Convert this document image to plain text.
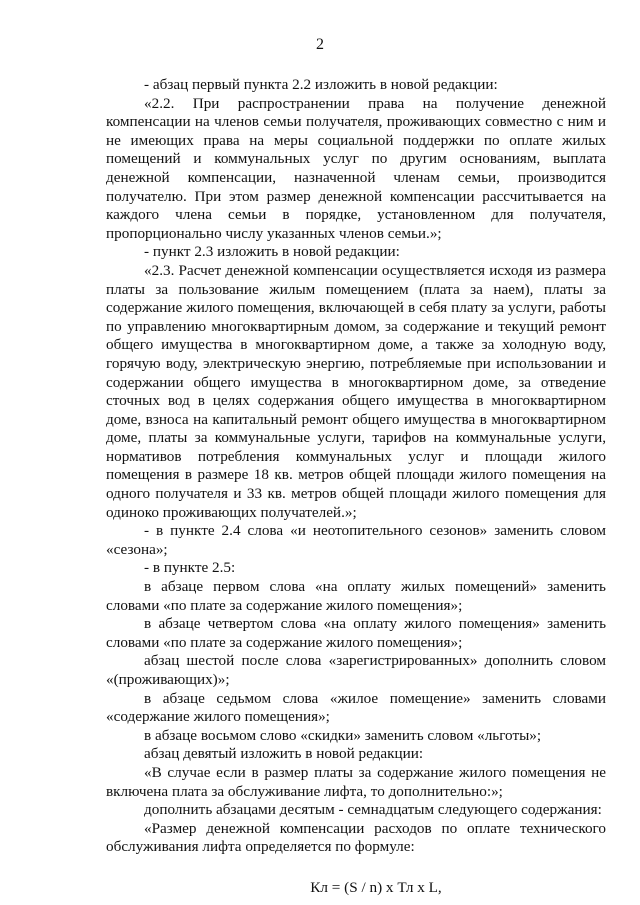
2

- абзац первый пункта 2.2 изложить в новой редакции:

«2.2. При распространении права на получение денежной компенсации на членов семьи получателя, проживающих совместно с ним и не имеющих права на меры социальной поддержки по оплате жилых помещений и коммунальных услуг по другим основаниям, выплата денежной компенсации, назначенной членам семьи, производится получателю. При этом размер денежной компенсации рассчитывается на каждого члена семьи в порядке, установленном для получателя, пропорционально числу указанных членов семьи.»;

- пункт 2.3 изложить в новой редакции:

«2.3. Расчет денежной компенсации осуществляется исходя из размера платы за пользование жилым помещением (плата за наем), платы за содержание жилого помещения, включающей в себя плату за услуги, работы по управлению многоквартирным домом, за содержание и текущий ремонт общего имущества в многоквартирном доме, а также за холодную воду, горячую воду, электрическую энергию, потребляемые при использовании и содержании общего имущества в многоквартирном доме, за отведение сточных вод в целях содержания общего имущества в многоквартирном доме, взноса на капитальный ремонт общего имущества в многоквартирном доме, платы за коммунальные услуги, тарифов на коммунальные услуги, нормативов потребления коммунальных услуг и площади жилого помещения в размере 18 кв. метров общей площади жилого помещения на одного получателя и 33 кв. метров общей площади жилого помещения для одиноко проживающих получателей.»;

- в пункте 2.4 слова «и неотопительного сезонов» заменить словом «сезона»;

- в пункте 2.5:

в абзаце первом слова «на оплату жилых помещений» заменить словами «по плате за содержание жилого помещения»;

в абзаце четвертом слова «на оплату жилого помещения» заменить словами «по плате за содержание жилого помещения»;

абзац шестой после слова «зарегистрированных» дополнить словом «(проживающих)»;

в абзаце седьмом слова «жилое помещение» заменить словами «содержание жилого помещения»;

в абзаце восьмом слово «скидки» заменить словом «льготы»;

абзац девятый изложить в новой редакции:

«В случае если в размер платы за содержание жилого помещения не включена плата за обслуживание лифта, то дополнительно:»;

дополнить абзацами десятым - семнадцатым следующего содержания:

«Размер денежной компенсации расходов по оплате технического обслуживания лифта определяется по формуле:

Кл = (S / n) х Тл х L,
